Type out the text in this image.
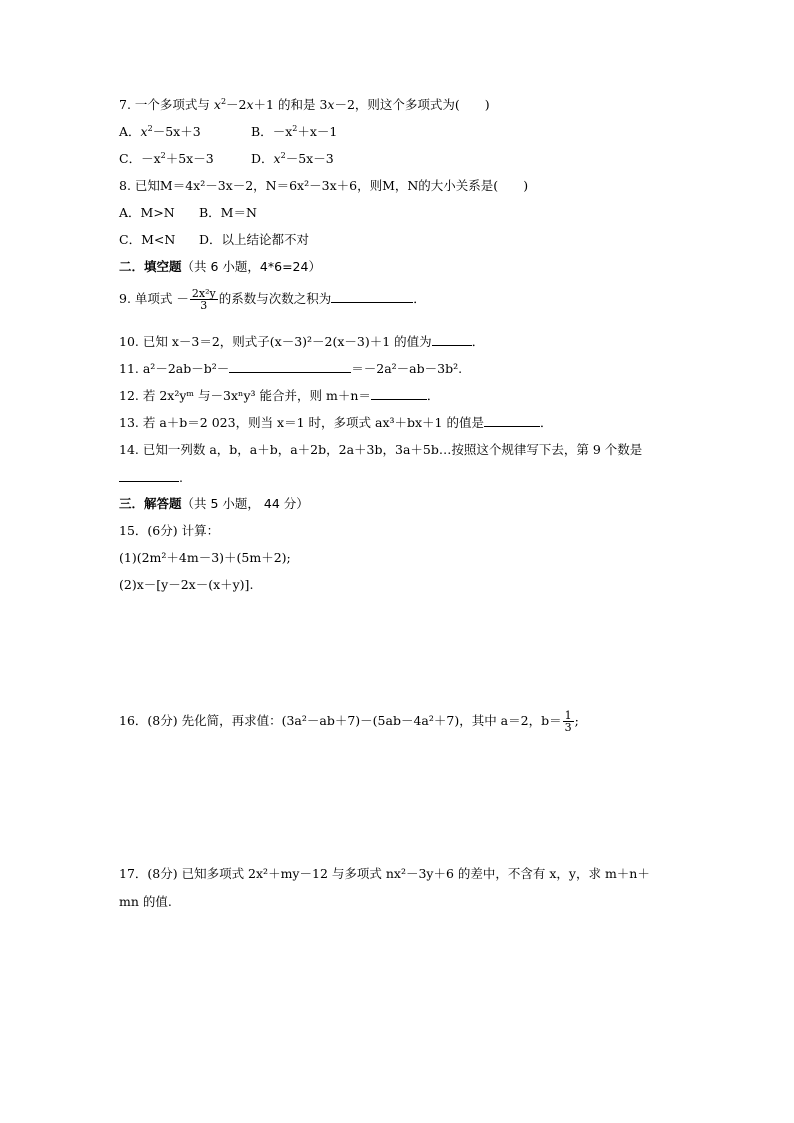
7. 一个多项式与 $x^2-2x+1$ 的和是 3x－2，则这个多项式为(　　)
A．$x^2-5x+3$	B．$-x^2+x-1$
C．$-x^2+5x-3$	D．$x^2-5x-3$
8. 已知M＝4x²－3x－2，N＝6x²－3x＋6，则M，N的大小关系是(　　)
A．M>N B．M＝N
C．M<N D．以上结论都不对
二．填空题（共 6 小题，4*6=24）
9. 单项式 － $\frac{\text{2x²y}}{3}$ 的系数与次数之积为	．
10. 已知 x－3＝2，则式子(x－3)²－2(x－3)＋1 的值为	．
11. a²－2ab－b²－	＝－2a²－ab－3b².
12. 若 2x²yᵐ 与－3xⁿy³ 能合并，则 m＋n＝	．
13. 若 a＋b＝2 023，则当 x＝1 时，多项式 ax³＋bx＋1 的值是	．
14. 已知一列数 a，b，a＋b，a＋2b，2a＋3b，3a＋5b…按照这个规律写下去，第 9 个数是
.
三．解答题（共 5 小题， 44 分）
15．(6分) 计算：
(1)(2m²＋4m－3)＋(5m＋2);
(2)x－[y－2x－(x＋y)].
16．(8分) 先化简，再求值：(3a²－ab＋7)－(5ab－4a²＋7)，其中 a＝2，$b= \frac{1}{3}$ ;
17．(8分) 已知多项式 2x²＋my－12 与多项式 nx²－3y＋6 的差中，不含有 x，y，求 m＋n＋
mn 的值.
